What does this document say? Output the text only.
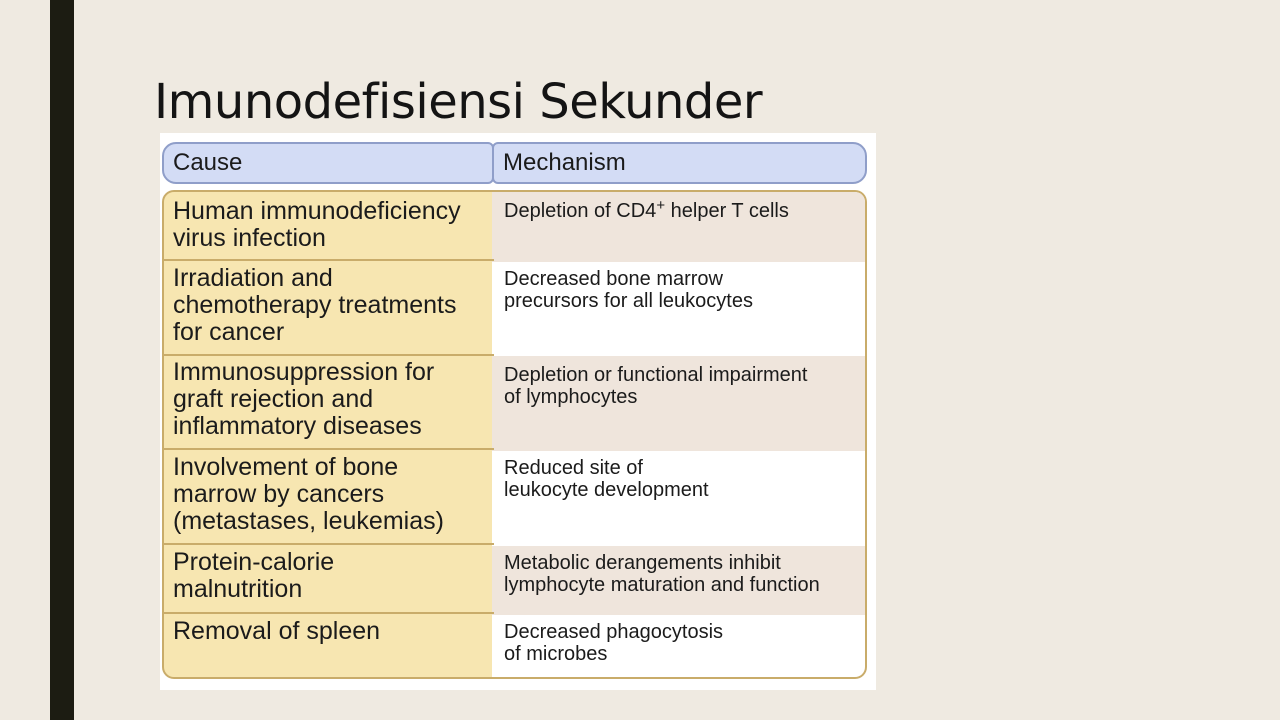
Imunodefisiensi Sekunder
Cause	Mechanism
Human immunodeficiency
virus infection
Depletion of CD4+ helper T cells
Irradiation and
chemotherapy treatments
for cancer
Decreased bone marrow
precursors for all leukocytes
Immunosuppression for
graft rejection and
inflammatory diseases
Depletion or functional impairment
of lymphocytes
Involvement of bone
marrow by cancers
(metastases, leukemias)
Reduced site of
leukocyte development
Protein-calorie
malnutrition
Metabolic derangements inhibit
lymphocyte maturation and function
Removal of spleen	Decreased phagocytosis
of microbes
